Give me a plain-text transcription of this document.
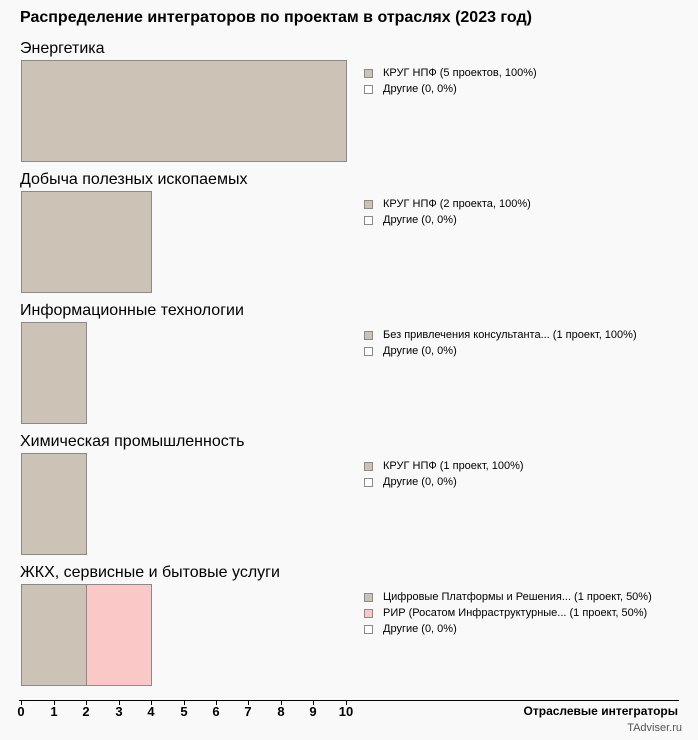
Распределение интеграторов по проектам в отраслях (2023 год)
Энергетика
КРУГ НПФ (5 проектов, 100%)
Другие (0, 0%)
Добыча полезных ископаемых
КРУГ НПФ (2 проекта, 100%)
Другие (0, 0%)
Информационные технологии
Без привлечения консультанта... (1 проект, 100%)
Другие (0, 0%)
Химическая промышленность
КРУГ НПФ (1 проект, 100%)
Другие (0, 0%)
ЖКХ, сервисные и бытовые услуги
Цифровые Платформы и Решения... (1 проект, 50%)
РИР (Росатом Инфраструктурные... (1 проект, 50%)
Другие (0, 0%)
0	1	2	3	4	5	6	7	8	9	10	Отраслевые интеграторы
TAdviser.ru
